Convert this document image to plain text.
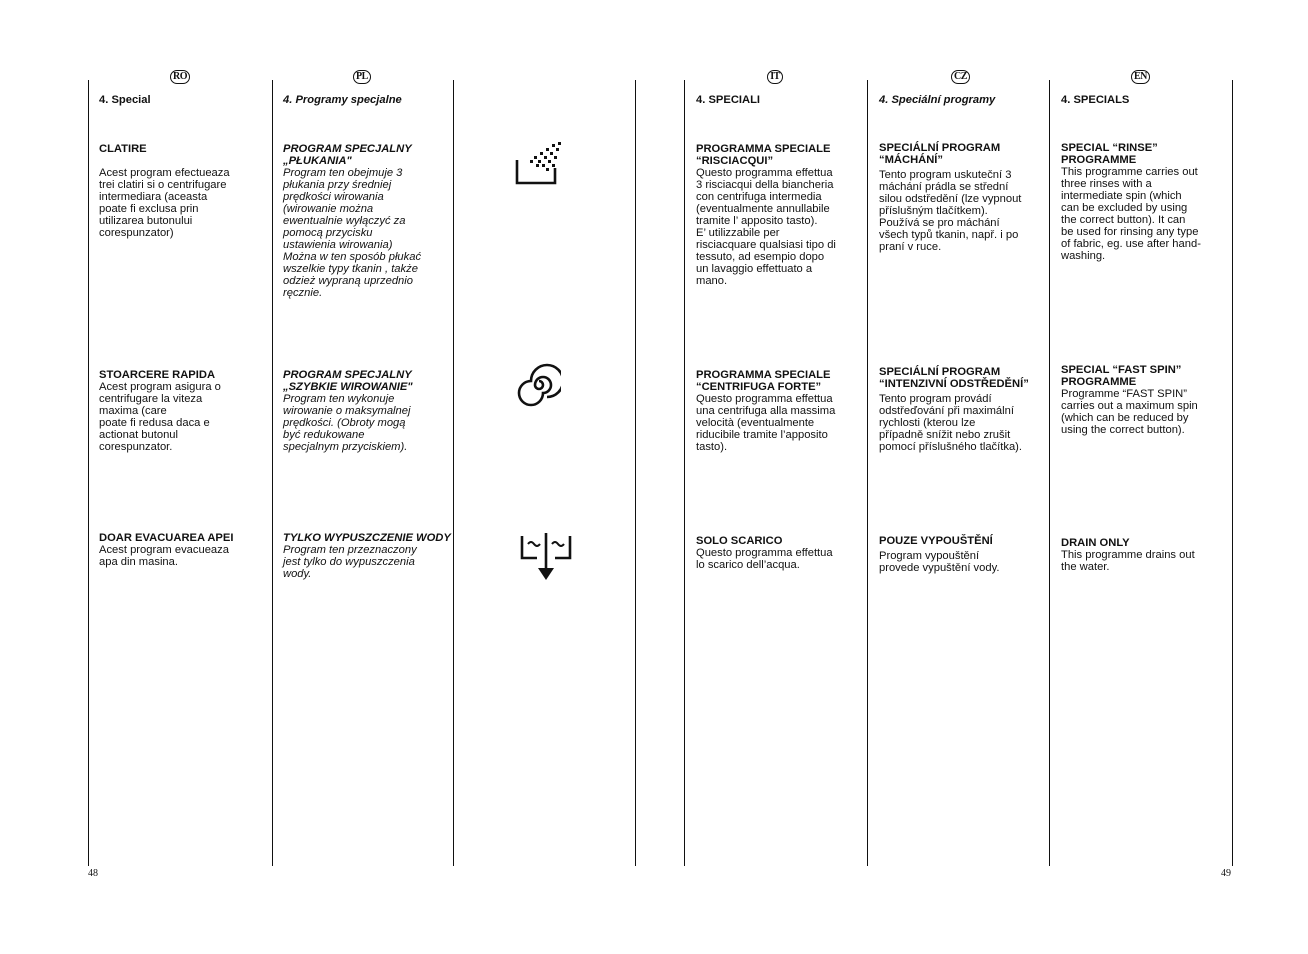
RO
4. Special
CLATIRE
Acest program efectueaza
trei clatiri si o centrifugare
intermediara (aceasta
poate fi exclusa prin
utilizarea butonului
corespunzator)
STOARCERE RAPIDA
Acest program asigura o
centrifugare la viteza
maxima (care
poate fi redusa daca e
actionat butonul
corespunzator.
DOAR EVACUAREA APEI
Acest program evacueaza
apa din masina.
PL
4. Programy specjalne
PROGRAM SPECJALNY
„PŁUKANIA"
Program ten obejmuje 3
płukania przy średniej
prędkości wirowania
(wirowanie można
ewentualnie wyłączyć za
pomocą przycisku
ustawienia wirowania)
Można w ten sposób płukać
wszelkie typy tkanin , także
odzież wypraną uprzednio
ręcznie.
PROGRAM SPECJALNY
„SZYBKIE WIROWANIE"
Program ten wykonuje
wirowanie o maksymalnej
prędkości. (Obroty mogą
być redukowane
specjalnym przyciskiem).
TYLKO WYPUSZCZENIE WODY
Program ten przeznaczony
jest tylko do wypuszczenia
wody.
IT
4. SPECIALI
PROGRAMMA SPECIALE
“RISCIACQUI”
Questo programma effettua
3 risciacqui della biancheria
con centrifuga intermedia
(eventualmente annullabile
tramite l’ apposito tasto).
E’ utilizzabile per
risciacquare qualsiasi tipo di
tessuto, ad esempio dopo
un lavaggio effettuato a
mano.
PROGRAMMA SPECIALE
“CENTRIFUGA FORTE”
Questo programma effettua
una centrifuga alla massima
velocità (eventualmente
riducibile tramite l’apposito
tasto).
SOLO SCARICO
Questo programma effettua
lo scarico dell’acqua.
CZ
4. Speciální programy
SPECIÁLNÍ PROGRAM
“MÁCHÁNÍ”
Tento program uskuteční 3
máchání prádla se střední
silou odstředění (lze vypnout
příslušným tlačítkem).
Používá se pro máchání
všech typů tkanin, např. i po
praní v ruce.
SPECIÁLNÍ PROGRAM
“INTENZIVNÍ ODSTŘEDĚNÍ”
Tento program provádí
odstřeďování při maximální
rychlosti (kterou lze
případně snížit nebo zrušit
pomocí příslušného tlačítka).
POUZE VYPOUŠTĚNÍ
Program vypouštění
provede vypuštění vody.
EN
4. SPECIALS
SPECIAL “RINSE”
PROGRAMME
This programme carries out
three rinses with a
intermediate spin (which
can be excluded by using
the correct button). It can
be used for rinsing any type
of fabric, eg. use after hand-
washing.
SPECIAL “FAST SPIN”
PROGRAMME
Programme “FAST SPIN”
carries out a maximum spin
(which can be reduced by
using the correct button).
DRAIN ONLY
This programme drains out
the water.
48	49
